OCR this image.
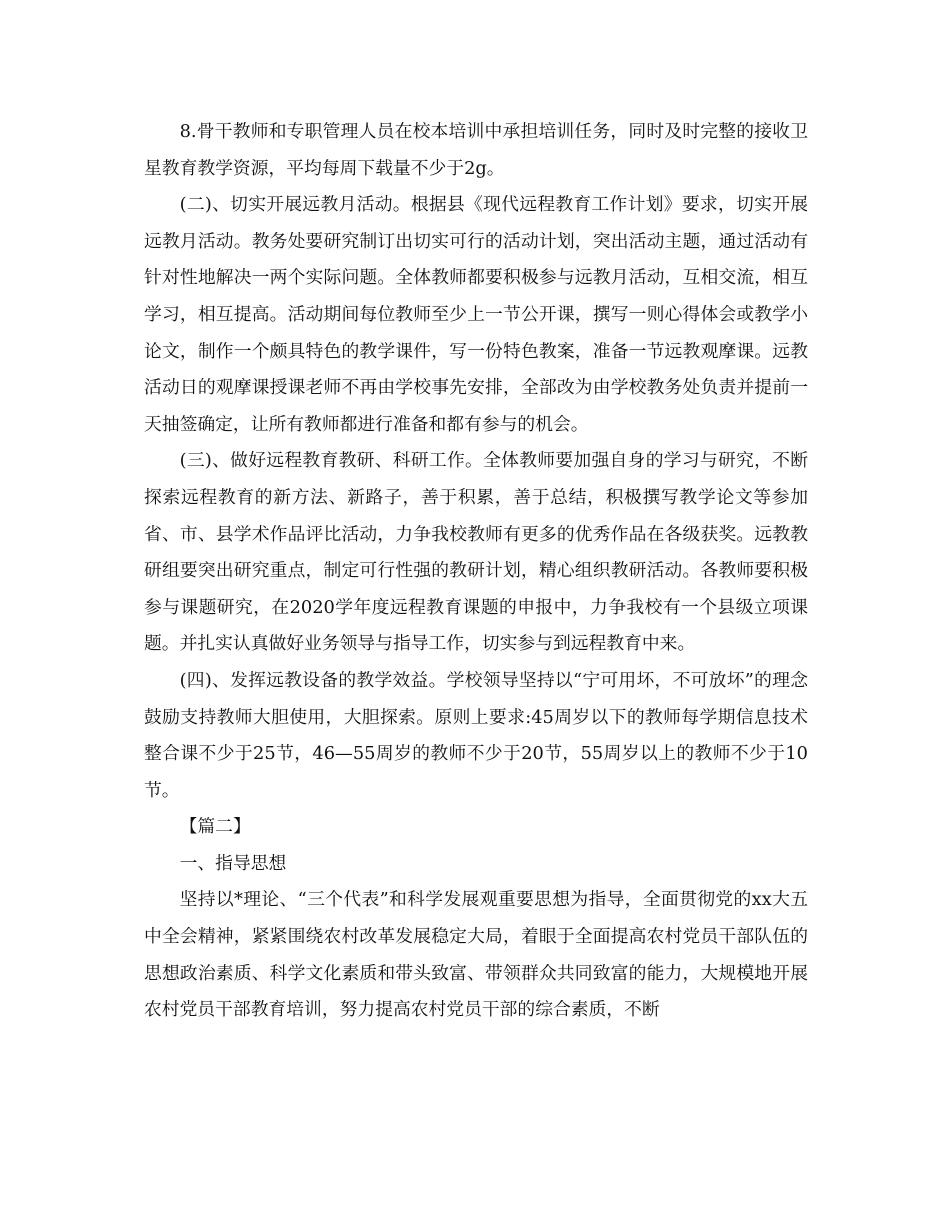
8.骨干教师和专职管理人员在校本培训中承担培训任务，同时及时完整的接收卫星教育教学资源，平均每周下载量不少于2g。

(二)、切实开展远教月活动。根据县《现代远程教育工作计划》要求，切实开展远教月活动。教务处要研究制订出切实可行的活动计划，突出活动主题，通过活动有针对性地解决一两个实际问题。全体教师都要积极参与远教月活动，互相交流，相互学习，相互提高。活动期间每位教师至少上一节公开课，撰写一则心得体会或教学小论文，制作一个颇具特色的教学课件，写一份特色教案，准备一节远教观摩课。远教活动日的观摩课授课老师不再由学校事先安排，全部改为由学校教务处负责并提前一天抽签确定，让所有教师都进行准备和都有参与的机会。

(三)、做好远程教育教研、科研工作。全体教师要加强自身的学习与研究，不断探索远程教育的新方法、新路子，善于积累，善于总结，积极撰写教学论文等参加省、市、县学术作品评比活动，力争我校教师有更多的优秀作品在各级获奖。远教教研组要突出研究重点，制定可行性强的教研计划，精心组织教研活动。各教师要积极参与课题研究，在2020学年度远程教育课题的申报中，力争我校有一个县级立项课题。并扎实认真做好业务领导与指导工作，切实参与到远程教育中来。

(四)、发挥远教设备的教学效益。学校领导坚持以“宁可用坏，不可放坏”的理念鼓励支持教师大胆使用，大胆探索。原则上要求:45周岁以下的教师每学期信息技术整合课不少于25节，46—55周岁的教师不少于20节，55周岁以上的教师不少于10节。

【篇二】

一、指导思想

坚持以*理论、“三个代表”和科学发展观重要思想为指导，全面贯彻党的xx大五中全会精神，紧紧围绕农村改革发展稳定大局，着眼于全面提高农村党员干部队伍的思想政治素质、科学文化素质和带头致富、带领群众共同致富的能力，大规模地开展农村党员干部教育培训，努力提高农村党员干部的综合素质，不断
